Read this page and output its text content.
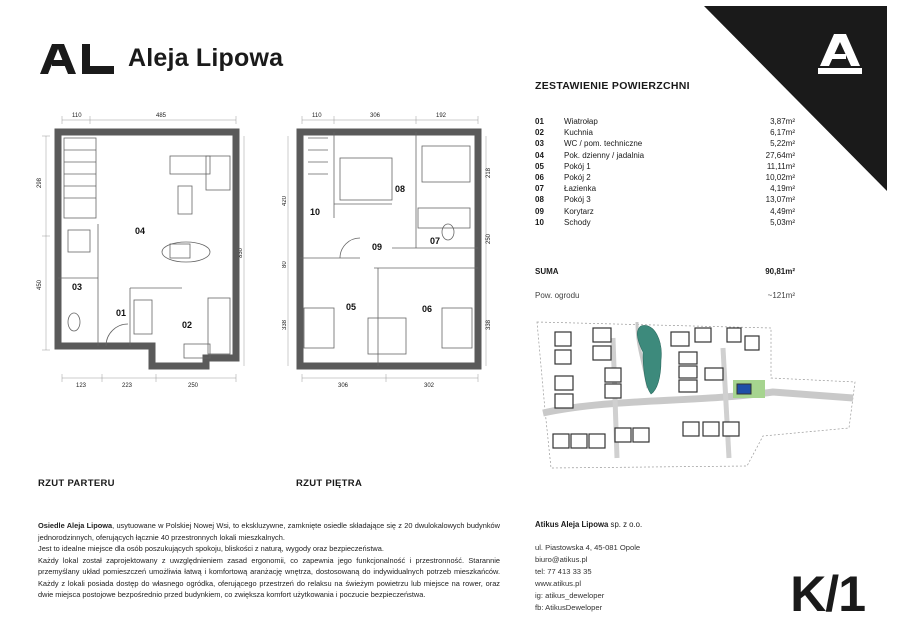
Aleja Lipowa
ZESTAWIENIE POWIERZCHNI
01	Wiatrołap	3,87m²
02	Kuchnia	6,17m²
03	WC / pom. techniczne	5,22m²
04	Pok. dzienny / jadalnia	27,64m²
05	Pokój 1	11,11m²
06	Pokój 2	10,02m²
07	Łazienka	4,19m²
08	Pokój 3	13,07m²
09	Korytarz	4,49m²
10	Schody	5,03m²
SUMA	90,81m²
Pow. ogrodu	~121m²
110	485
298
450
830
123	223	250
04
03
01
02
110	306	192
420
80
338
218
250
338
306	302
08
10
09
07
05	06
RZUT PARTERU	RZUT PIĘTRA

Osiedle Aleja Lipowa, usytuowane w Polskiej Nowej Wsi, to ekskluzywne, zamknięte osiedle składające się z 20 dwulokalowych budynków jednorodzinnych, oferujących łącznie 40 przestronnych lokali mieszkalnych.

Jest to idealne miejsce dla osób poszukujących spokoju, bliskości z naturą, wygody oraz bezpieczeństwa.

Każdy lokal został zaprojektowany z uwzględnieniem zasad ergonomii, co zapewnia jego funkcjonalność i przestronność. Starannie przemyślany układ pomieszczeń umożliwia łatwą i komfortową aranżację wnętrza, dostosowaną do indywidualnych potrzeb mieszkańców. Każdy z lokali posiada dostęp do własnego ogródka, oferującego przestrzeń do relaksu na świeżym powietrzu lub miejsce na rower, oraz dwie miejsca postojowe bezpośrednio przed budynkiem, co zwiększa komfort użytkowania i poczucie bezpieczeństwa.

Atikus Aleja Lipowa sp. z o.o.
ul. Piastowska 4, 45-081 Opole
biuro@atikus.pl
tel: 77 413 33 35
www.atikus.pl
ig: atikus_deweloper
fb: AtikusDeweloper	K/1
